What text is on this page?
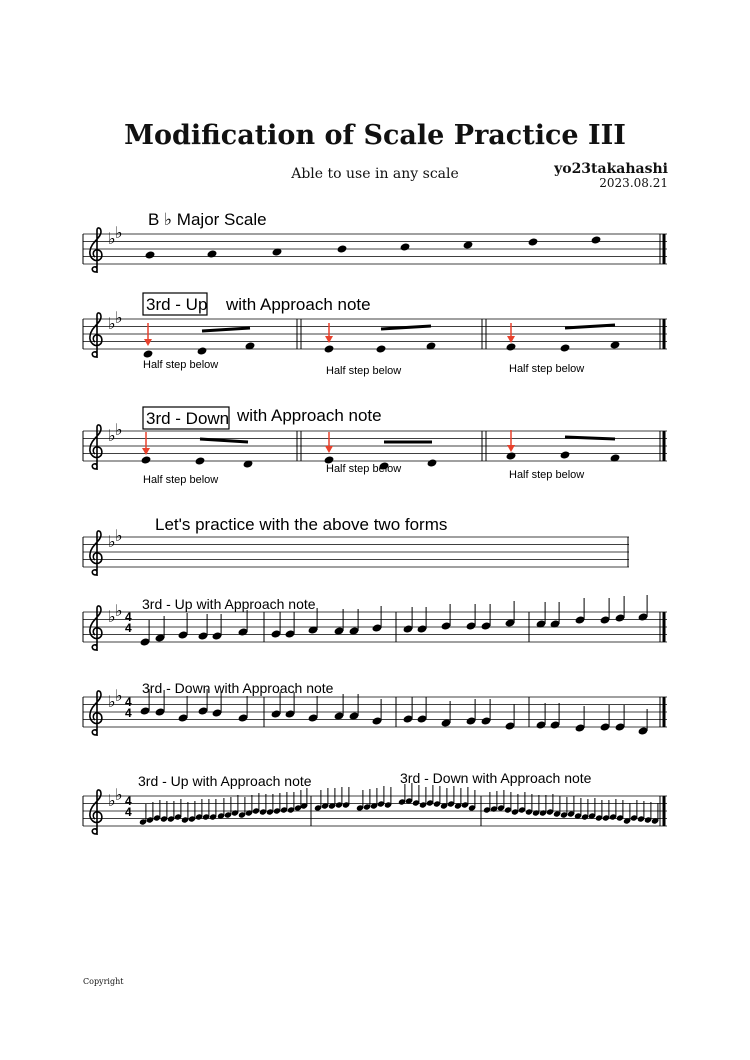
Modification of Scale Practice III
Able to use in any scale	yo23takahashi
2023.08.21
B ♭ Major Scale
♭ ♭
3rd - Up with Approach note
Half step below	Half step below	Half step below
♭ ♭
3rd - Down with Approach note
Half step below
Half step below	Half step below
♭ ♭
Let's practice with the above two forms
♭ ♭
3rd - Up with Approach note
4
4
♭ ♭
3rd - Down with Approach note
4
4
♭ ♭
3rd - Up with Approach note	3rd - Down with Approach note
4
4
♭ ♭
Copyright
